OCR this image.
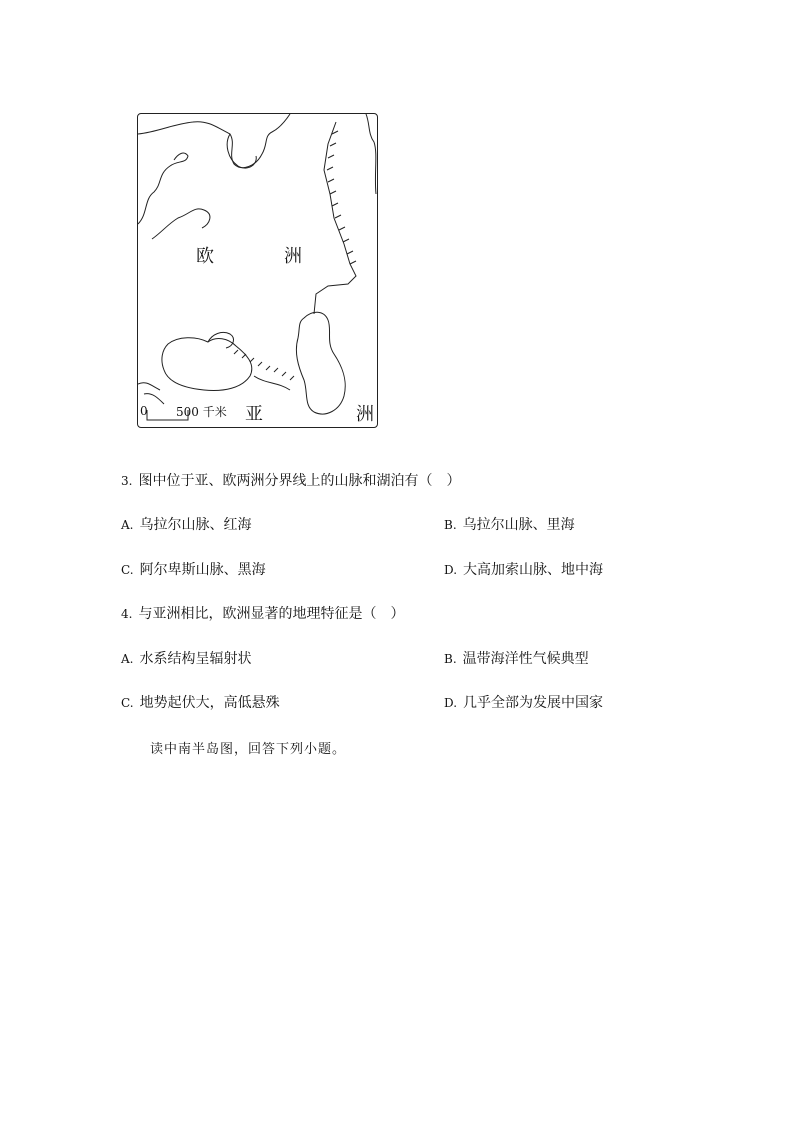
欧	洲
亚	洲
0 500 千米
3. 图中位于亚、欧两洲分界线上的山脉和湖泊有（　）
A. 乌拉尔山脉、红海	B. 乌拉尔山脉、里海
C. 阿尔卑斯山脉、黑海	D. 大高加索山脉、地中海
4. 与亚洲相比，欧洲显著的地理特征是（　）
A. 水系结构呈辐射状	B. 温带海洋性气候典型
C. 地势起伏大，高低悬殊	D. 几乎全部为发展中国家
读中南半岛图，回答下列小题。
